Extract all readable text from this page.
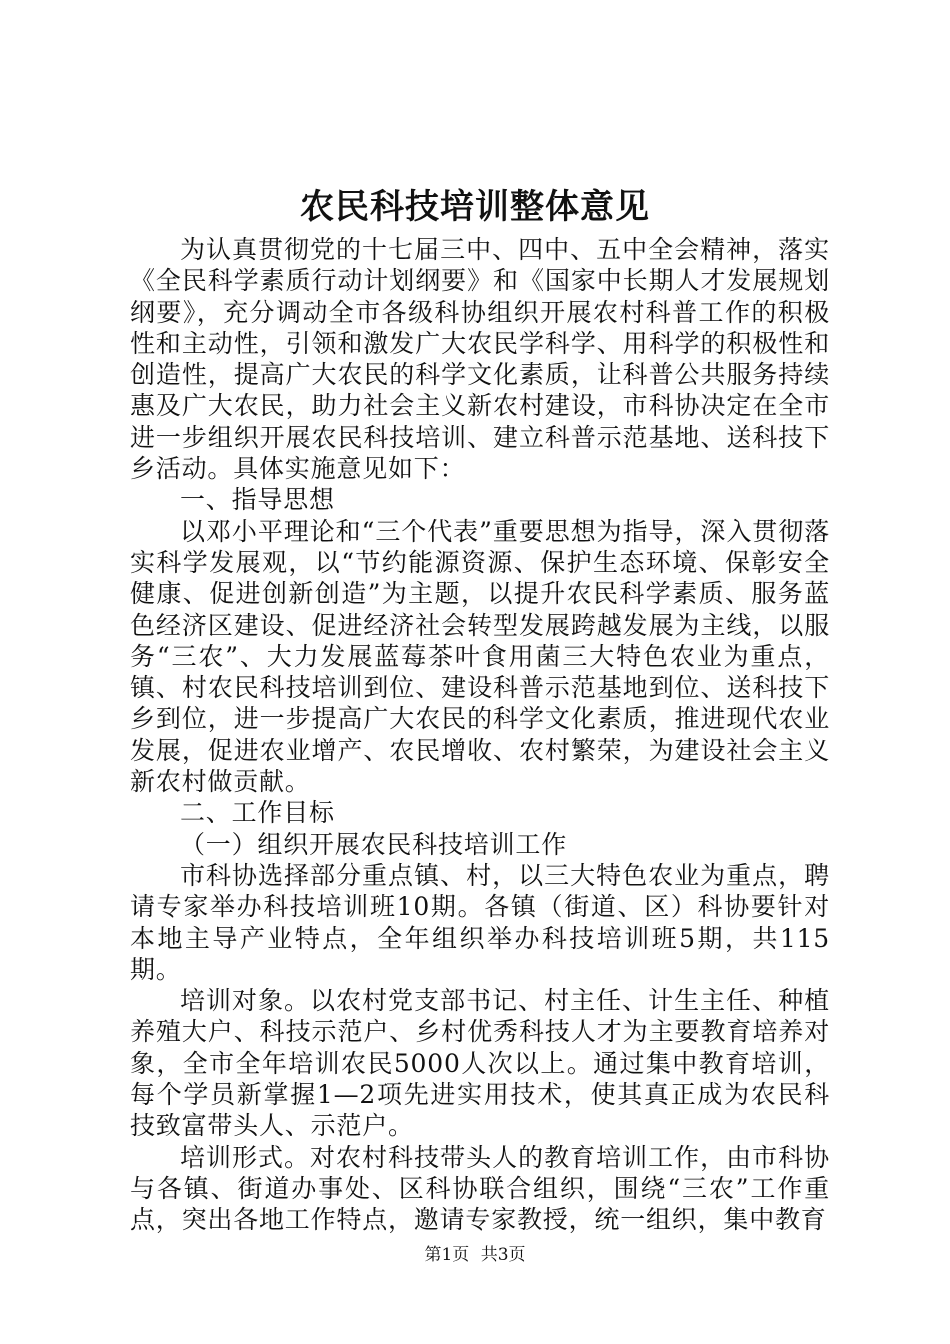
农民科技培训整体意见

为认真贯彻党的十七届三中、四中、五中全会精神，落实《全民科学素质行动计划纲要》和《国家中长期人才发展规划纲要》，充分调动全市各级科协组织开展农村科普工作的积极性和主动性，引领和激发广大农民学科学、用科学的积极性和创造性，提高广大农民的科学文化素质，让科普公共服务持续惠及广大农民，助力社会主义新农村建设，市科协决定在全市进一步组织开展农民科技培训、建立科普示范基地、送科技下乡活动。具体实施意见如下：

一、指导思想

以邓小平理论和“三个代表”重要思想为指导，深入贯彻落实科学发展观，以“节约能源资源、保护生态环境、保彰安全健康、促进创新创造”为主题，以提升农民科学素质、服务蓝色经济区建设、促进经济社会转型发展跨越发展为主线，以服务“三农”、大力发展蓝莓茶叶食用菌三大特色农业为重点，镇、村农民科技培训到位、建设科普示范基地到位、送科技下乡到位，进一步提高广大农民的科学文化素质，推进现代农业发展，促进农业增产、农民增收、农村繁荣，为建设社会主义新农村做贡献。

二、工作目标

（一）组织开展农民科技培训工作

市科协选择部分重点镇、村，以三大特色农业为重点，聘请专家举办科技培训班10期。各镇（街道、区）科协要针对本地主导产业特点，全年组织举办科技培训班5期，共115期。

培训对象。以农村党支部书记、村主任、计生主任、种植养殖大户、科技示范户、乡村优秀科技人才为主要教育培养对象，全市全年培训农民5000人次以上。通过集中教育培训，每个学员新掌握1—2项先进实用技术，使其真正成为农民科技致富带头人、示范户。

培训形式。对农村科技带头人的教育培训工作，由市科协与各镇、街道办事处、区科协联合组织，围绕“三农”工作重点，突出各地工作特点，邀请专家教授，统一组织，集中教育

第1页 共3页
